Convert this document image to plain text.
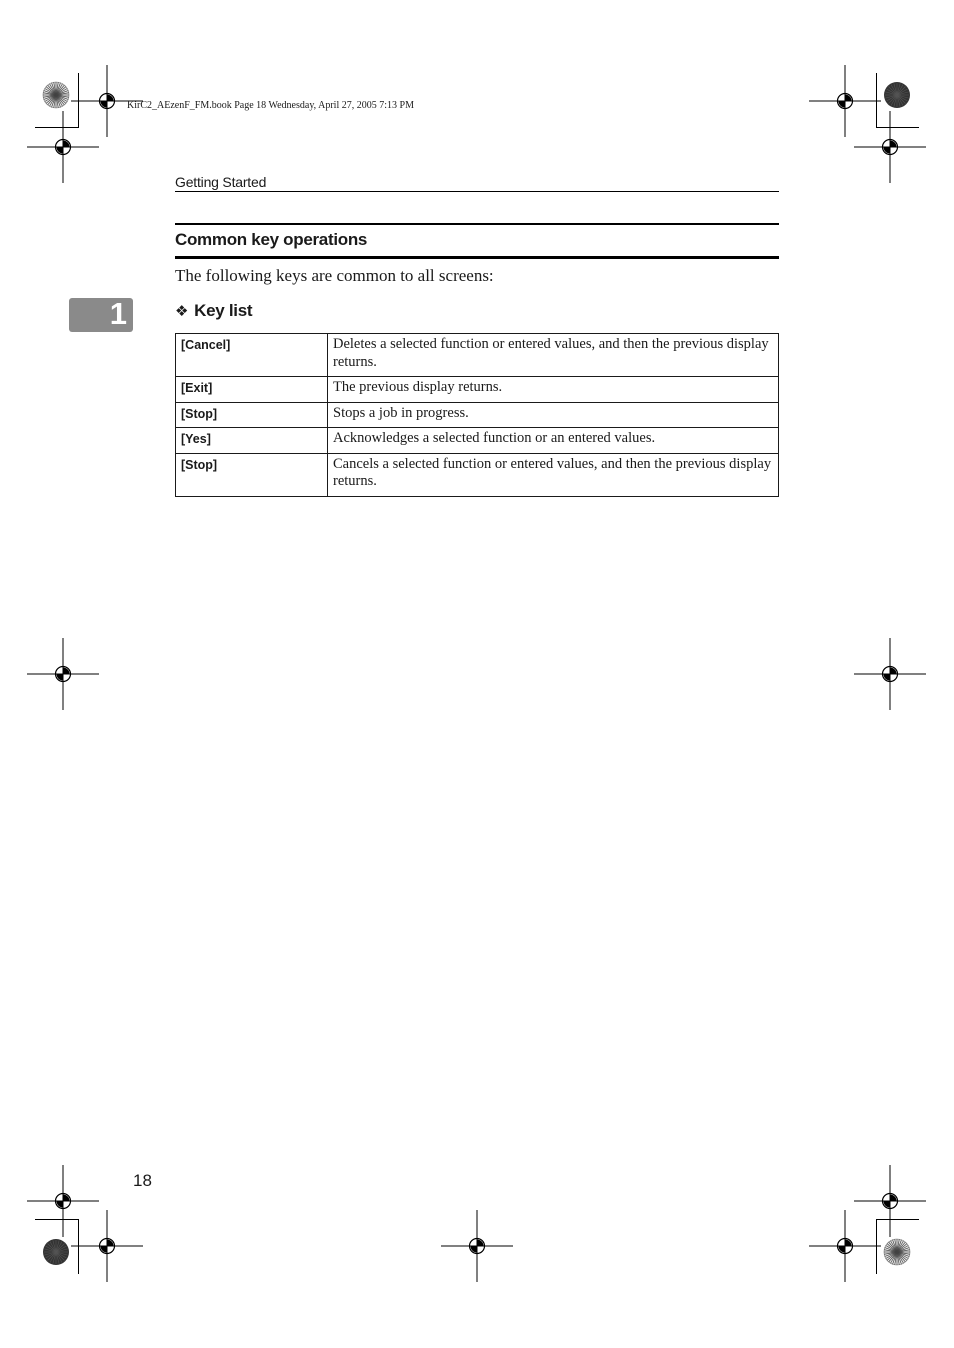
KirC2_AEzenF_FM.book Page 18 Wednesday, April 27, 2005 7:13 PM
Getting Started
Common key operations
The following keys are common to all screens:
1	❖ Key list
[Cancel]	Deletes a selected function or entered values, and then the previous display returns.
[Exit]	The previous display returns.
[Stop]	Stops a job in progress.
[Yes]	Acknowledges a selected function or an entered values.
[Stop]	Cancels a selected function or entered values, and then the previous display returns.
18
